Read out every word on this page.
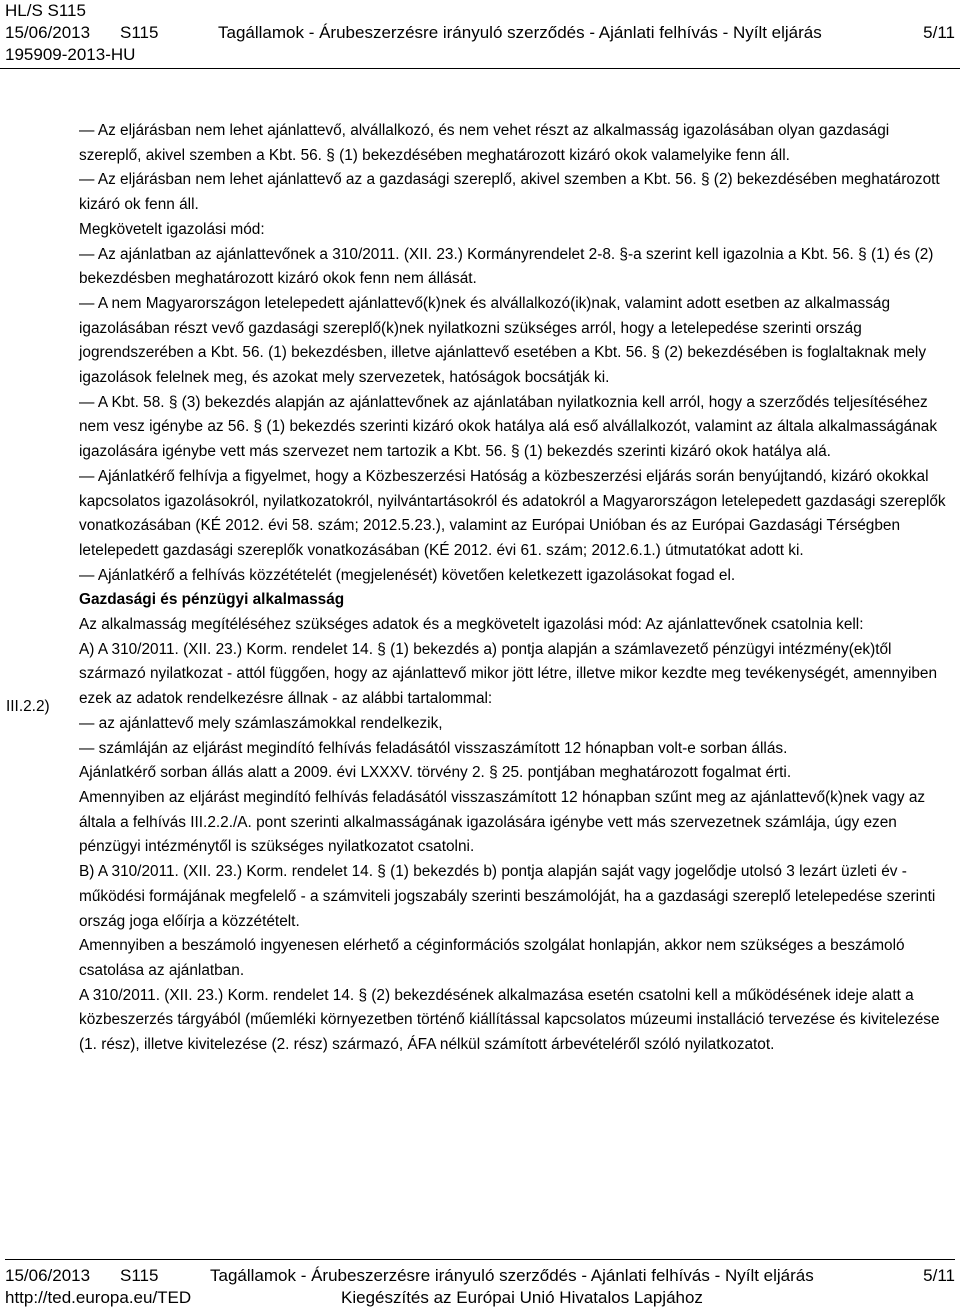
HL/S S115
15/06/2013	S115	Tagállamok - Árubeszerzésre irányuló szerződés - Ajánlati felhívás - Nyílt eljárás	5/11
195909-2013-HU

— Az eljárásban nem lehet ajánlattevő, alvállalkozó, és nem vehet részt az alkalmasság igazolásában olyan gazdasági szereplő, akivel szemben a Kbt. 56. § (1) bekezdésében meghatározott kizáró okok valamelyike fenn áll.

— Az eljárásban nem lehet ajánlattevő az a gazdasági szereplő, akivel szemben a Kbt. 56. § (2) bekezdésében meghatározott kizáró ok fenn áll.

Megkövetelt igazolási mód:

— Az ajánlatban az ajánlattevőnek a 310/2011. (XII. 23.) Kormányrendelet 2-8. §-a szerint kell igazolnia a Kbt. 56. § (1) és (2) bekezdésben meghatározott kizáró okok fenn nem állását.

— A nem Magyarországon letelepedett ajánlattevő(k)nek és alvállalkozó(ik)nak, valamint adott esetben az alkalmasság igazolásában részt vevő gazdasági szereplő(k)nek nyilatkozni szükséges arról, hogy a letelepedése szerinti ország jogrendszerében a Kbt. 56. (1) bekezdésben, illetve ajánlattevő esetében a Kbt. 56. § (2) bekezdésében is foglaltaknak mely igazolások felelnek meg, és azokat mely szervezetek, hatóságok bocsátják ki.

— A Kbt. 58. § (3) bekezdés alapján az ajánlattevőnek az ajánlatában nyilatkoznia kell arról, hogy a szerződés teljesítéséhez nem vesz igénybe az 56. § (1) bekezdés szerinti kizáró okok hatálya alá eső alvállalkozót, valamint az általa alkalmasságának igazolására igénybe vett más szervezet nem tartozik a Kbt. 56. § (1) bekezdés szerinti kizáró okok hatálya alá.

— Ajánlatkérő felhívja a figyelmet, hogy a Közbeszerzési Hatóság a közbeszerzési eljárás során benyújtandó, kizáró okokkal kapcsolatos igazolásokról, nyilatkozatokról, nyilvántartásokról és adatokról a Magyarországon letelepedett gazdasági szereplők vonatkozásában (KÉ 2012. évi 58. szám; 2012.5.23.), valamint az Európai Unióban és az Európai Gazdasági Térségben letelepedett gazdasági szereplők vonatkozásában (KÉ 2012. évi 61. szám; 2012.6.1.) útmutatókat adott ki.

— Ajánlatkérő a felhívás közzétételét (megjelenését) követően keletkezett igazolásokat fogad el.

Gazdasági és pénzügyi alkalmasság

Az alkalmasság megítéléséhez szükséges adatok és a megkövetelt igazolási mód: Az ajánlattevőnek csatolnia kell:

A) A 310/2011. (XII. 23.) Korm. rendelet 14. § (1) bekezdés a) pontja alapján a számlavezető pénzügyi intézmény(ek)től származó nyilatkozat - attól függően, hogy az ajánlattevő mikor jött létre, illetve mikor kezdte meg tevékenységét, amennyiben ezek az adatok rendelkezésre állnak - az alábbi tartalommal:

— az ajánlattevő mely számlaszámokkal rendelkezik,

— számláján az eljárást megindító felhívás feladásától visszaszámított 12 hónapban volt-e sorban állás.

Ajánlatkérő sorban állás alatt a 2009. évi LXXXV. törvény 2. § 25. pontjában meghatározott fogalmat érti.

Amennyiben az eljárást megindító felhívás feladásától visszaszámított 12 hónapban szűnt meg az ajánlattevő(k)nek vagy az általa a felhívás III.2.2./A. pont szerinti alkalmasságának igazolására igénybe vett más szervezetnek számlája, úgy ezen pénzügyi intézménytől is szükséges nyilatkozatot csatolni.

B) A 310/2011. (XII. 23.) Korm. rendelet 14. § (1) bekezdés b) pontja alapján saját vagy jogelődje utolsó 3 lezárt üzleti év - működési formájának megfelelő - a számviteli jogszabály szerinti beszámolóját, ha a gazdasági szereplő letelepedése szerinti ország joga előírja a közzétételt.

Amennyiben a beszámoló ingyenesen elérhető a céginformációs szolgálat honlapján, akkor nem szükséges a beszámoló csatolása az ajánlatban.

A 310/2011. (XII. 23.) Korm. rendelet 14. § (2) bekezdésének alkalmazása esetén csatolni kell a működésének ideje alatt a közbeszerzés tárgyából (műemléki környezetben történő kiállítással kapcsolatos múzeumi installáció tervezése és kivitelezése (1. rész), illetve kivitelezése (2. rész) származó, ÁFA nélkül számított árbevételéről szóló nyilatkozatot.

III.2.2)
15/06/2013	S115	Tagállamok - Árubeszerzésre irányuló szerződés - Ajánlati felhívás - Nyílt eljárás	5/11
http://ted.europa.eu/TED	Kiegészítés az Európai Unió Hivatalos Lapjához
